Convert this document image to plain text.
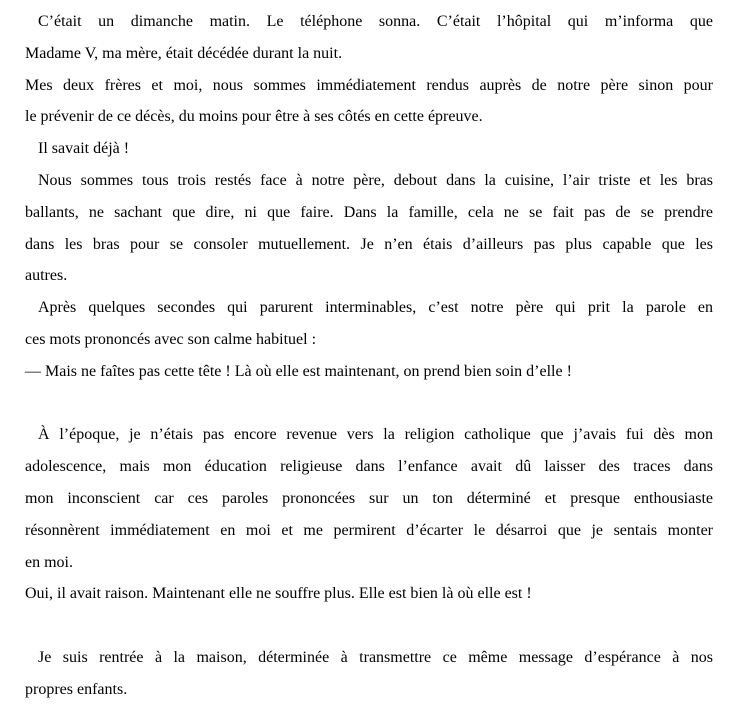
C’était un dimanche matin. Le téléphone sonna. C’était l’hôpital qui m’informa que
Madame V, ma mère, était décédée durant la nuit.
Mes deux frères et moi, nous sommes immédiatement rendus auprès de notre père sinon pour
le prévenir de ce décès, du moins pour être à ses côtés en cette épreuve.
Il savait déjà !
Nous sommes tous trois restés face à notre père, debout dans la cuisine, l’air triste et les bras
ballants, ne sachant que dire, ni que faire. Dans la famille, cela ne se fait pas de se prendre
dans les bras pour se consoler mutuellement. Je n’en étais d’ailleurs pas plus capable que les
autres.
Après quelques secondes qui parurent interminables, c’est notre père qui prit la parole en
ces mots prononcés avec son calme habituel :
— Mais ne faîtes pas cette tête ! Là où elle est maintenant, on prend bien soin d’elle !
À l’époque, je n’étais pas encore revenue vers la religion catholique que j’avais fui dès mon
adolescence, mais mon éducation religieuse dans l’enfance avait dû laisser des traces dans
mon inconscient car ces paroles prononcées sur un ton déterminé et presque enthousiaste
résonnèrent immédiatement en moi et me permirent d’écarter le désarroi que je sentais monter
en moi.
Oui, il avait raison. Maintenant elle ne souffre plus. Elle est bien là où elle est !
Je suis rentrée à la maison, déterminée à transmettre ce même message d’espérance à nos
propres enfants.
